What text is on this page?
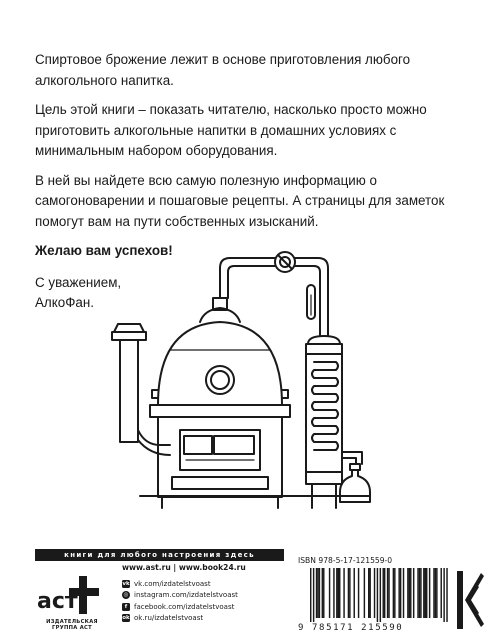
Спиртовое брожение лежит в основе приготовления любого алкогольного напитка.

Цель этой книги – показать читателю, насколько просто можно приготовить алкогольные напитки в домашних условиях с минимальным набором оборудования.

В ней вы найдете всю самую полезную информацию о самогоноварении и пошаговые рецепты. А страницы для заметок помогут вам на пути собственных изысканий.

Желаю вам успехов!

С уважением,

АлкоФан.

книги для любого настроения здесь
аст
ИЗДАТЕЛЬСКАЯ ГРУППА АСТ
www.ast.ru | www.book24.ru
vk vk.com/izdatelstvoast
◎ instagram.com/izdatelstvoast
f facebook.com/izdatelstvoast
ok ok.ru/izdatelstvoast
ISBN 978-5-17-121559-0
9 785171 215590
